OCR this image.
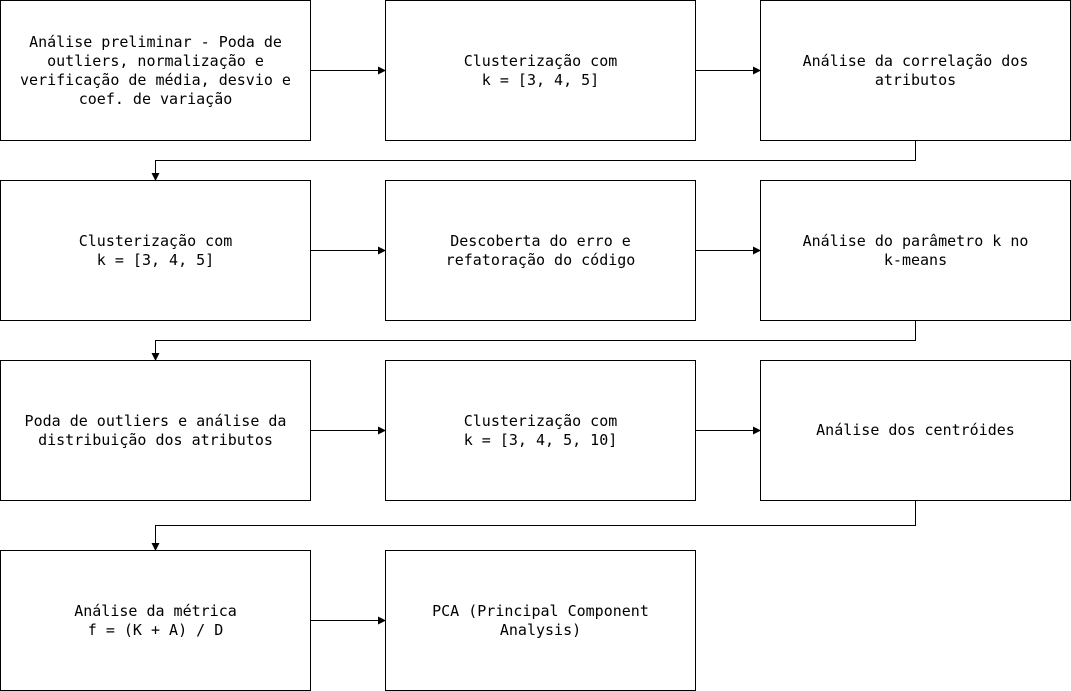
Análise preliminar - Poda de
outliers, normalização e
verificação de média, desvio e
coef. de variação
Clusterização com
k = [3, 4, 5]
Análise da correlação dos
atributos
Clusterização com
k = [3, 4, 5]
Descoberta do erro e
refatoração do código
Análise do parâmetro k no
k-means
Poda de outliers e análise da
distribuição dos atributos
Clusterização com
k = [3, 4, 5, 10]
Análise dos centróides
Análise da métrica
f = (K + A) / D
PCA (Principal Component
Analysis)
